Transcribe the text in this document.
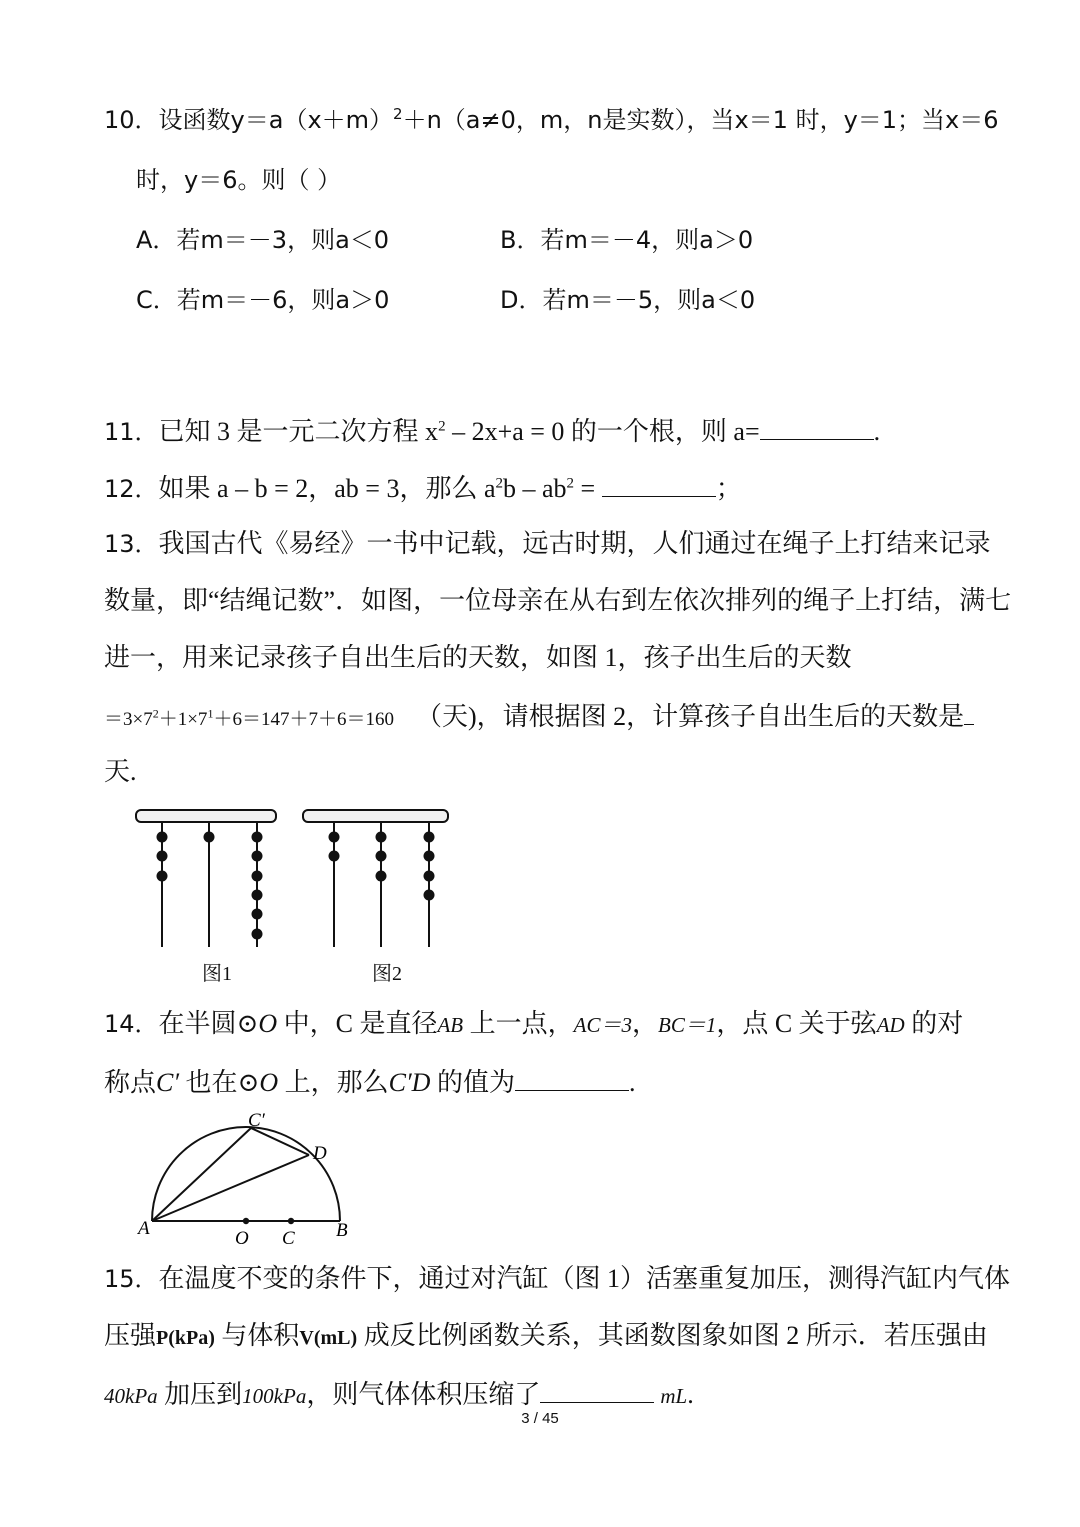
10．设函数$y=a(x+m)^2+n(a\ne 0$，m，n是实数），当x＝1 时，y＝1；当x＝6
时，y＝6。则（ ）
A．若m＝－3，则a＜0	B．若m＝－4，则a＞0
C．若m＝－6，则a＞0	D．若m＝－5，则a＜0
11．已知 3 是一元二次方程 $x^2 - 2x+a = 0$ 的一个根，则 a=	.
12．如果 a – b = 2，ab = 3，那么 $a^2b - ab^2$ =	；
13．我国古代《易经》一书中记载，远古时期，人们通过在绳子上打结来记录
数量，即“结绳记数”．如图，一位母亲在从右到左依次排列的绳子上打结，满七
进一，用来记录孩子自出生后的天数，如图 1，孩子出生后的天数
$=3\times 7^2+1\times 7^1+6=147+7+6=160$ （天)，请根据图 2，计算孩子自出生后的天数是
天.
图1	图2
14．在半圆⊙O 中，C 是直径AB 上一点，AC＝3，BC＝1，点 C 关于弦AD 的对
称点C′ 也在⊙O 上，那么C′D 的值为	.
C′
D
A	O C B
15．在温度不变的条件下，通过对汽缸（图 1）活塞重复加压，测得汽缸内气体
压强P(kPa) 与体积V(mL) 成反比例函数关系，其函数图象如图 2 所示．若压强由
40kPa 加压到100kPa，则气体体积压缩了	mL.
3 / 45
